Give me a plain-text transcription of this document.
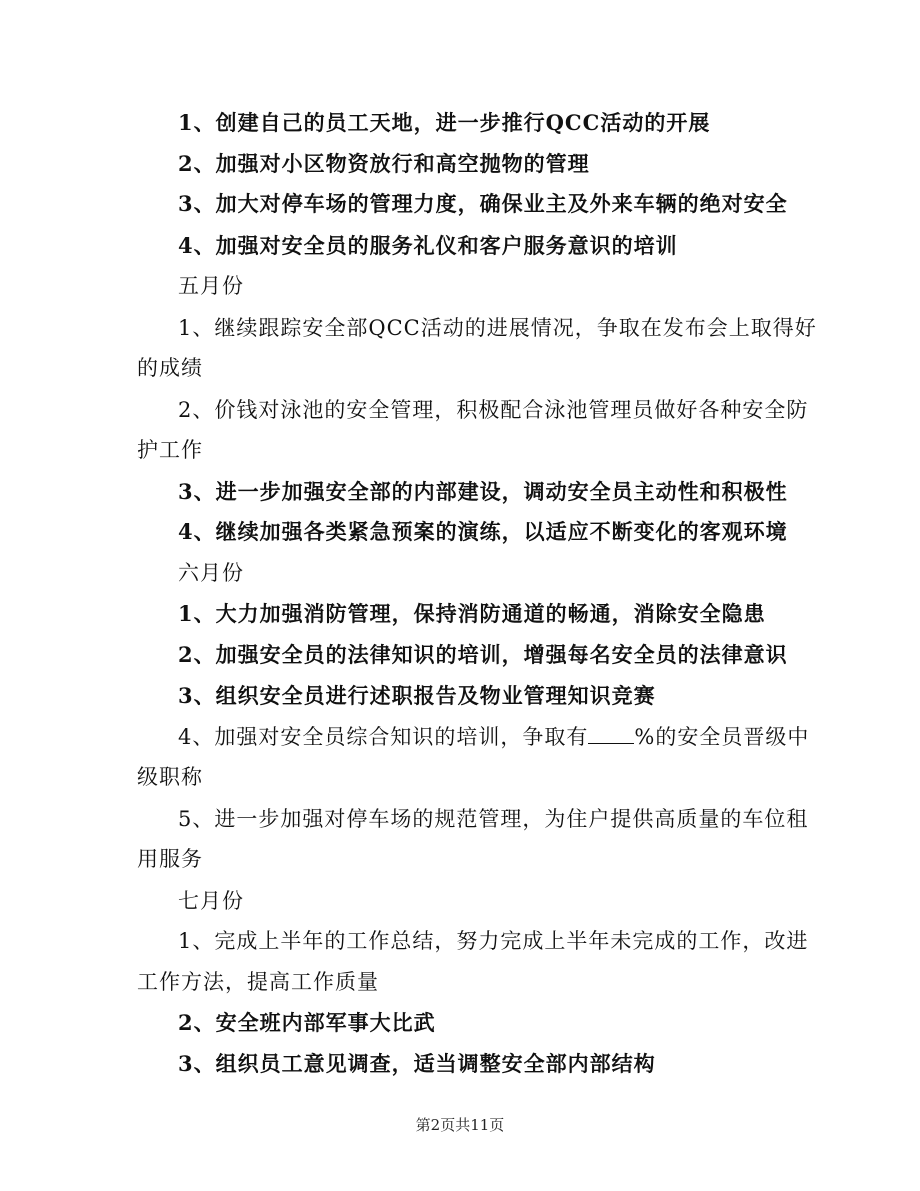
1、创建自己的员工天地，进一步推行QCC活动的开展
2、加强对小区物资放行和高空抛物的管理
3、加大对停车场的管理力度，确保业主及外来车辆的绝对安全
4、加强对安全员的服务礼仪和客户服务意识的培训
五月份
1、继续跟踪安全部QCC活动的进展情况，争取在发布会上取得好
的成绩
2、价钱对泳池的安全管理，积极配合泳池管理员做好各种安全防
护工作
3、进一步加强安全部的内部建设，调动安全员主动性和积极性
4、继续加强各类紧急预案的演练，以适应不断变化的客观环境
六月份
1、大力加强消防管理，保持消防通道的畅通，消除安全隐患
2、加强安全员的法律知识的培训，增强每名安全员的法律意识
3、组织安全员进行述职报告及物业管理知识竞赛
4、加强对安全员综合知识的培训，争取有 %的安全员晋级中
级职称
5、进一步加强对停车场的规范管理，为住户提供高质量的车位租
用服务
七月份
1、完成上半年的工作总结，努力完成上半年未完成的工作，改进
工作方法，提高工作质量
2、安全班内部军事大比武
3、组织员工意见调查，适当调整安全部内部结构
第2页共11页
